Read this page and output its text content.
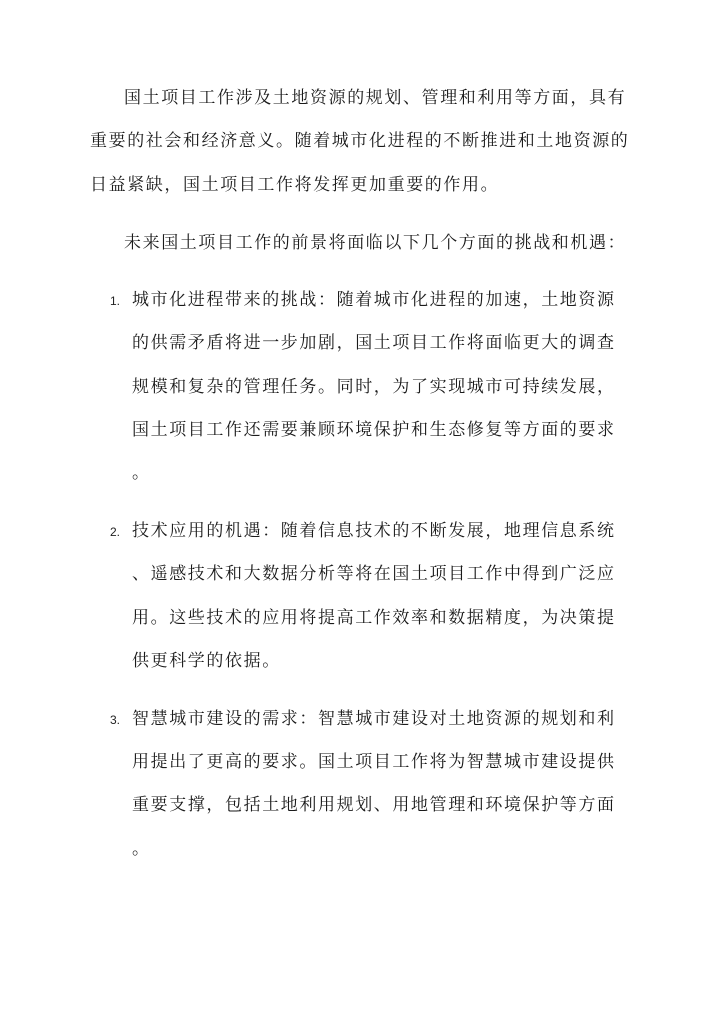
国土项目工作涉及土地资源的规划、管理和利用等方面，具有
重要的社会和经济意义。随着城市化进程的不断推进和土地资源的
日益紧缺，国土项目工作将发挥更加重要的作用。
未来国土项目工作的前景将面临以下几个方面的挑战和机遇：
1. 城市化进程带来的挑战：随着城市化进程的加速，土地资源
的供需矛盾将进一步加剧，国土项目工作将面临更大的调查
规模和复杂的管理任务。同时，为了实现城市可持续发展，
国土项目工作还需要兼顾环境保护和生态修复等方面的要求
。
2. 技术应用的机遇：随着信息技术的不断发展，地理信息系统
、遥感技术和大数据分析等将在国土项目工作中得到广泛应
用。这些技术的应用将提高工作效率和数据精度，为决策提
供更科学的依据。
3. 智慧城市建设的需求：智慧城市建设对土地资源的规划和利
用提出了更高的要求。国土项目工作将为智慧城市建设提供
重要支撑，包括土地利用规划、用地管理和环境保护等方面
。
